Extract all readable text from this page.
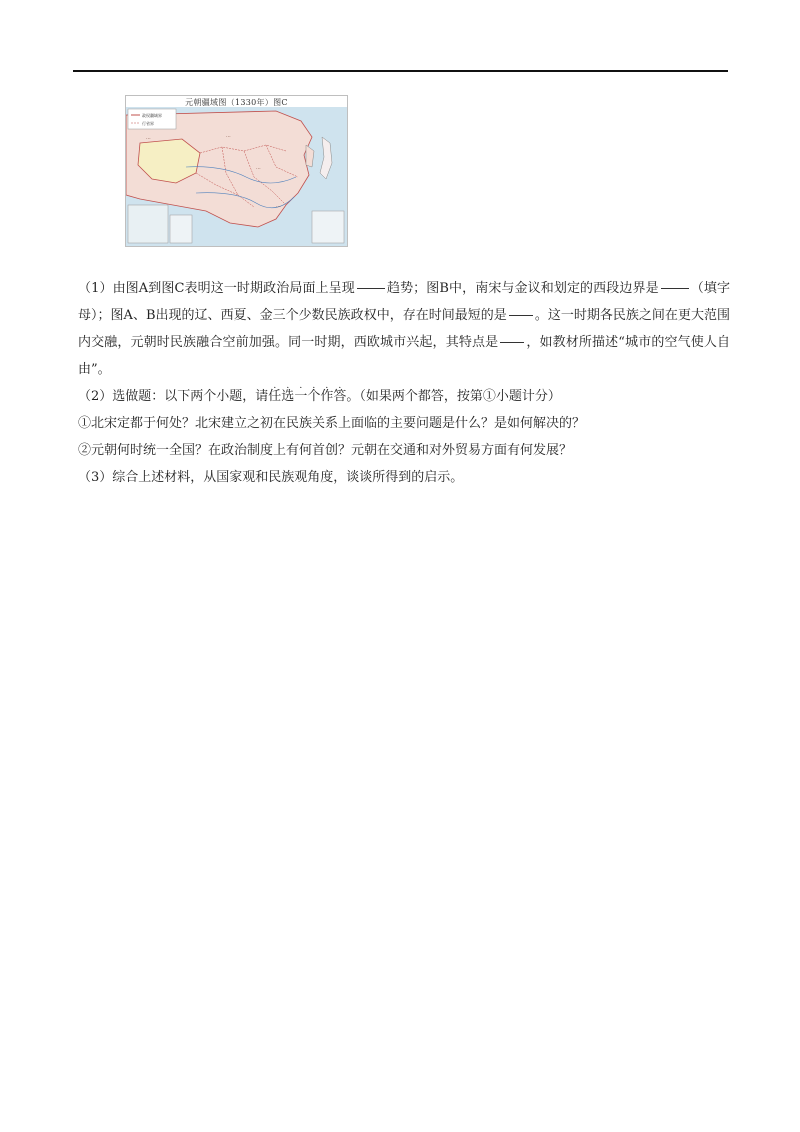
元朝疆域图（1330年）图C
...	...
...
...
政权疆域界
行省界

（1）由图A到图C表明这一时期政治局面上呈现 趋势；图B中，南宋与金议和划定的西段边界是 （填字母）；图A、B出现的辽、西夏、金三个少数民族政权中，存在时间最短的是 。这一时期各民族之间在更大范围内交融，元朝时民族融合空前加强。同一时期，西欧城市兴起，其特点是 ，如教材所描述“城市的空气使人自由”。

（2）选做题：以下两个小题，请
.
任
.
选
.
一
.
个
.
作
.
答。（如果两个都答，按第①小题计分）

①北宋定都于何处？北宋建立之初在民族关系上面临的主要问题是什么？是如何解决的？

②元朝何时统一全国？在政治制度上有何首创？元朝在交通和对外贸易方面有何发展？

（3）综合上述材料，从国家观和民族观角度，谈谈所得到的启示。
